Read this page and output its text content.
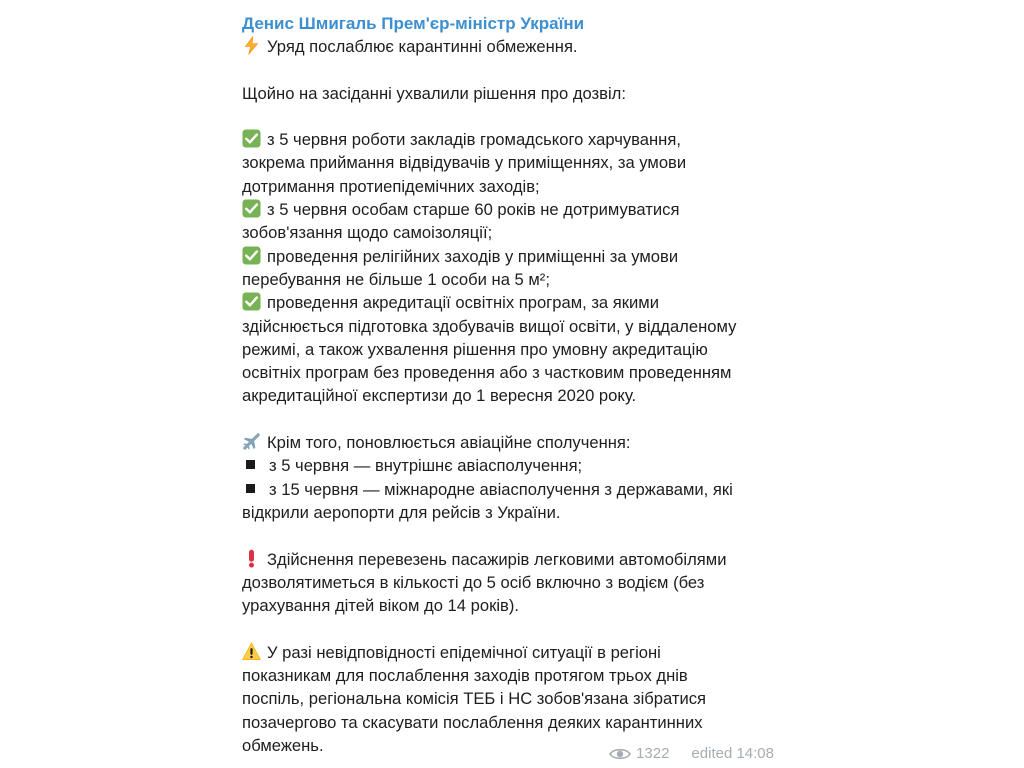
Денис Шмигаль Прем'єр-міністр України
Уряд послаблює карантинні обмеження.
Щойно на засіданні ухвалили рішення про дозвіл:
з 5 червня роботи закладів громадського харчування,
зокрема приймання відвідувачів у приміщеннях, за умови
дотримання протиепідемічних заходів;
з 5 червня особам старше 60 років не дотримуватися
зобов'язання щодо самоізоляції;
проведення релігійних заходів у приміщенні за умови
перебування не більше 1 особи на 5 м²;
проведення акредитації освітніх програм, за якими
здійснюється підготовка здобувачів вищої освіти, у віддаленому
режимі, а також ухвалення рішення про умовну акредитацію
освітніх програм без проведення або з частковим проведенням
акредитаційної експертизи до 1 вересня 2020 року.
Крім того, поновлюється авіаційне сполучення:
з 5 червня — внутрішнє авіасполучення;
з 15 червня — міжнародне авіасполучення з державами, які
відкрили аеропорти для рейсів з України.
Здійснення перевезень пасажирів легковими автомобілями
дозволятиметься в кількості до 5 осіб включно з водієм (без
урахування дітей віком до 14 років).
У разі невідповідності епідемічної ситуації в регіоні
показникам для послаблення заходів протягом трьох днів
поспіль, регіональна комісія ТЕБ і НС зобов'язана зібратися
позачергово та скасувати послаблення деяких карантинних
обмежень.	1322 edited 14:08
